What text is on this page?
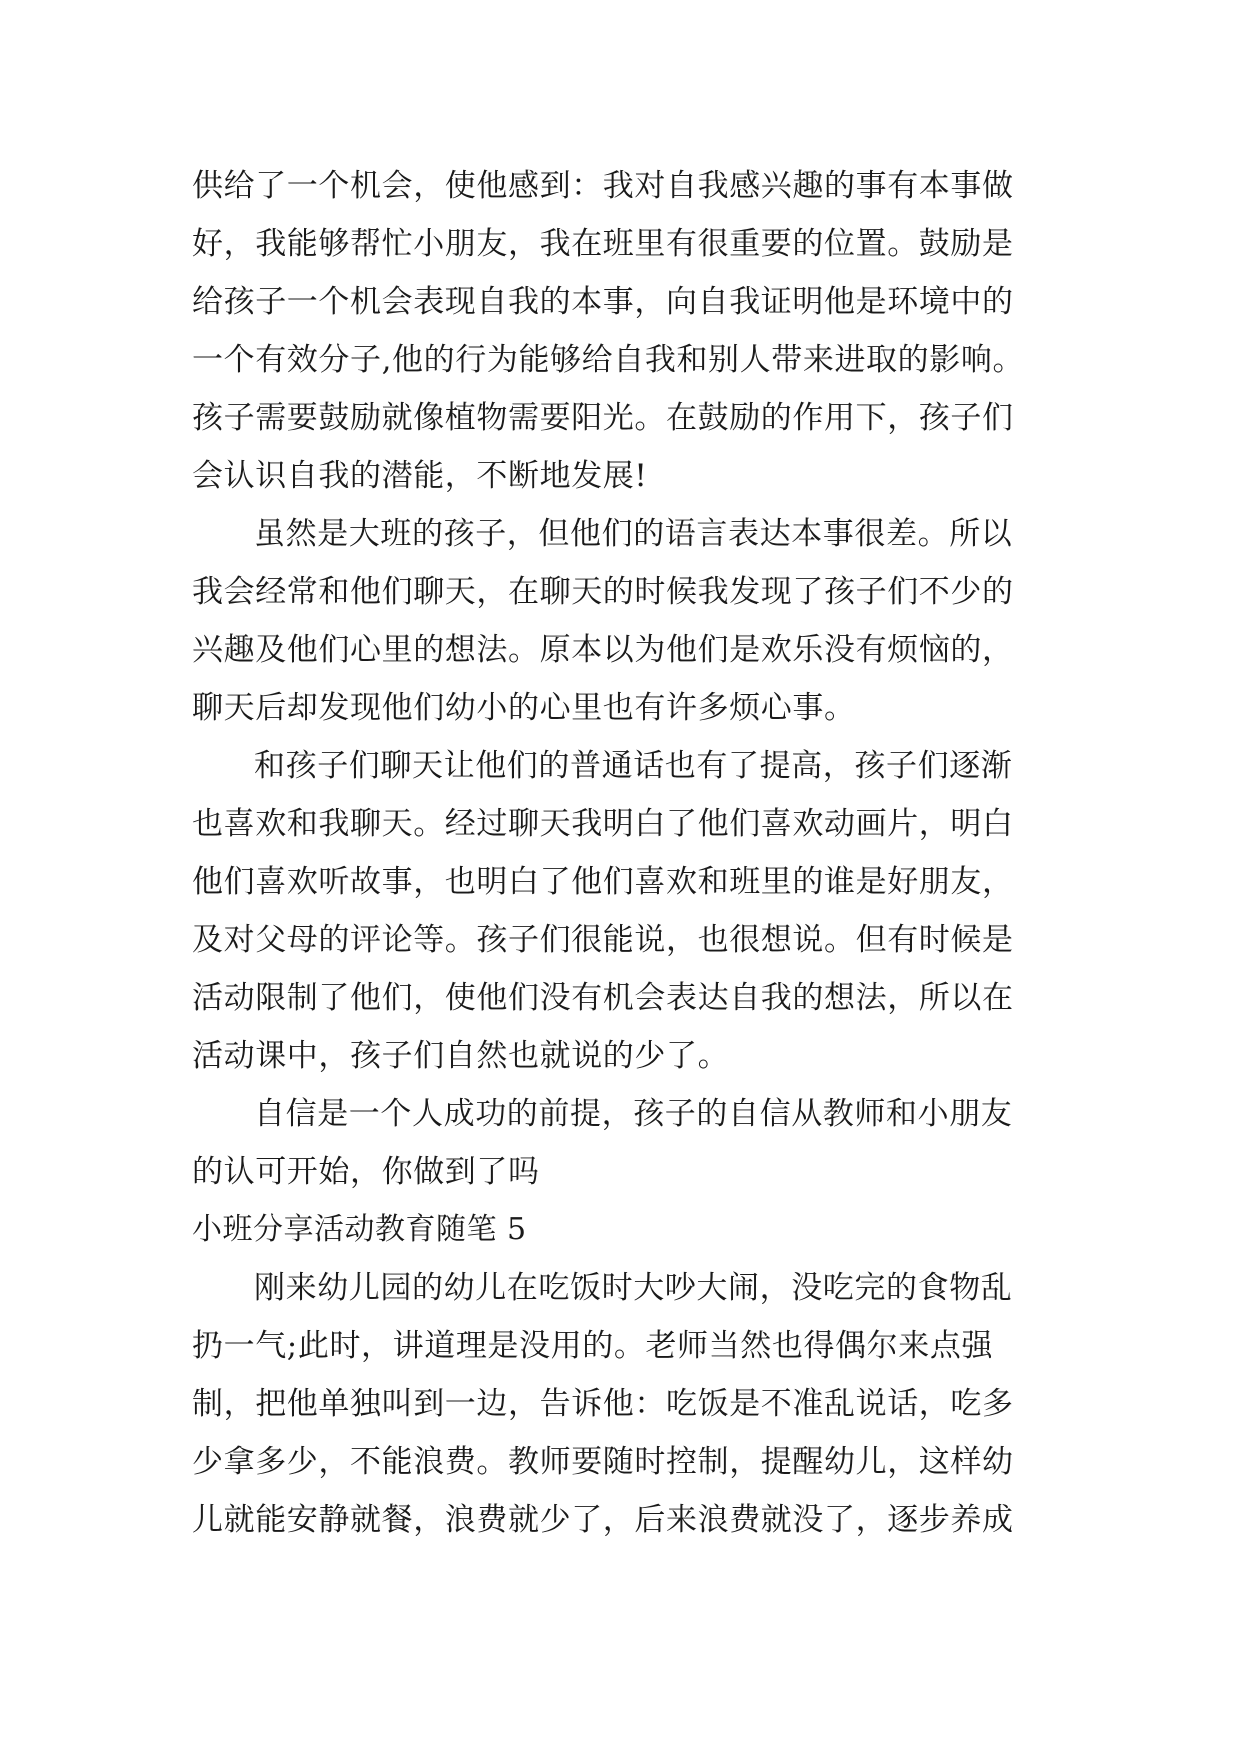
供给了一个机会，使他感到：我对自我感兴趣的事有本事做
好，我能够帮忙小朋友，我在班里有很重要的位置。鼓励是
给孩子一个机会表现自我的本事，向自我证明他是环境中的
一个有效分子,他的行为能够给自我和别人带来进取的影响。
孩子需要鼓励就像植物需要阳光。在鼓励的作用下，孩子们
会认识自我的潜能，不断地发展!
虽然是大班的孩子，但他们的语言表达本事很差。所以
我会经常和他们聊天，在聊天的时候我发现了孩子们不少的
兴趣及他们心里的想法。原本以为他们是欢乐没有烦恼的，
聊天后却发现他们幼小的心里也有许多烦心事。
和孩子们聊天让他们的普通话也有了提高，孩子们逐渐
也喜欢和我聊天。经过聊天我明白了他们喜欢动画片，明白
他们喜欢听故事，也明白了他们喜欢和班里的谁是好朋友，
及对父母的评论等。孩子们很能说，也很想说。但有时候是
活动限制了他们，使他们没有机会表达自我的想法，所以在
活动课中，孩子们自然也就说的少了。
自信是一个人成功的前提，孩子的自信从教师和小朋友
的认可开始，你做到了吗
小班分享活动教育随笔 5
刚来幼儿园的幼儿在吃饭时大吵大闹，没吃完的食物乱
扔一气;此时，讲道理是没用的。老师当然也得偶尔来点强
制，把他单独叫到一边，告诉他：吃饭是不准乱说话，吃多
少拿多少，不能浪费。教师要随时控制，提醒幼儿，这样幼
儿就能安静就餐，浪费就少了，后来浪费就没了，逐步养成
